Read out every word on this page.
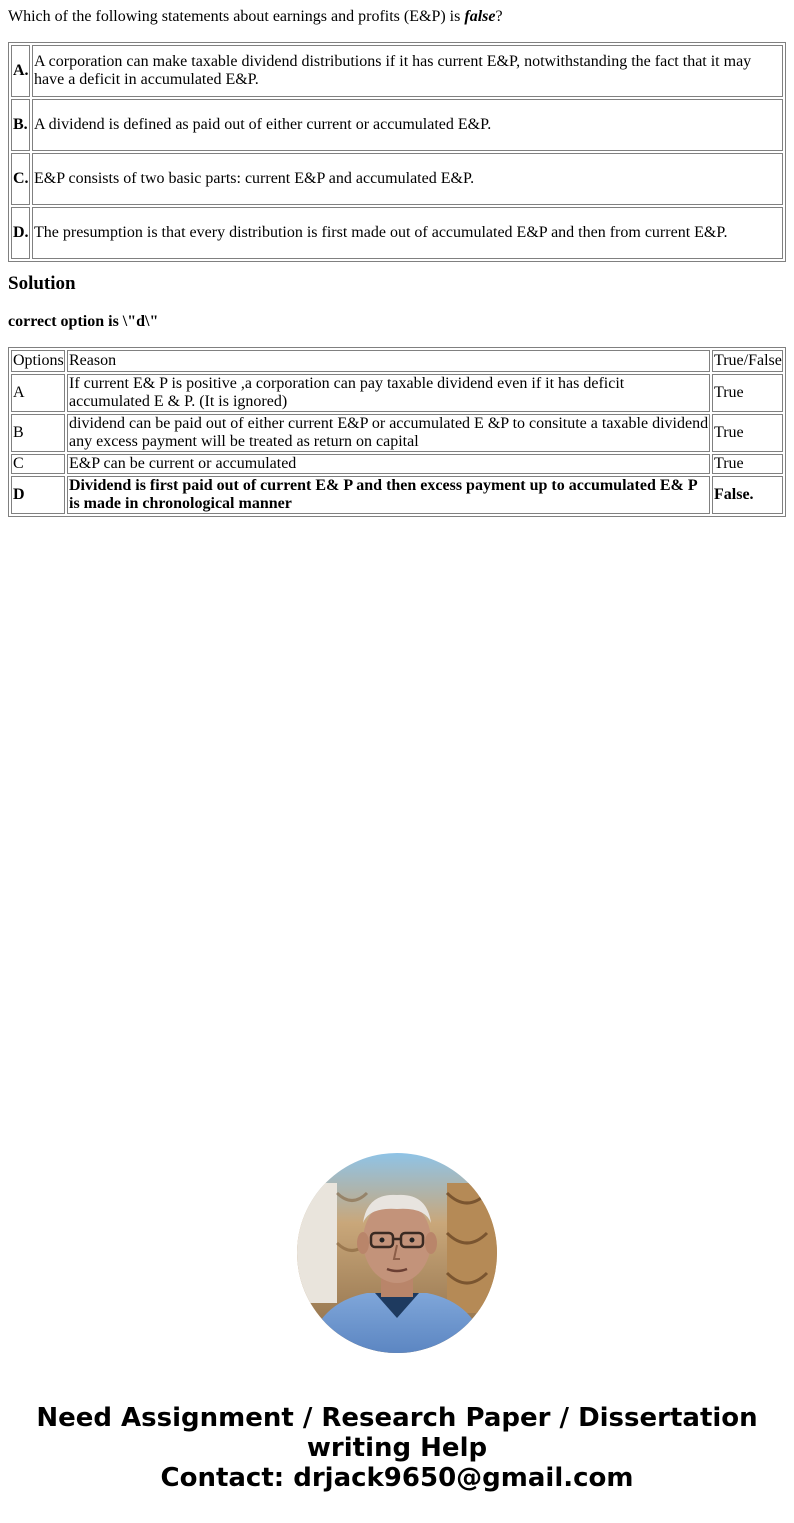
Which of the following statements about earnings and profits (E&P) is false?

A.	A corporation can make taxable dividend distributions if it has current E&P, notwithstanding the fact that it may have a deficit in accumulated E&P.
B.	A dividend is defined as paid out of either current or accumulated E&P.
C.	E&P consists of two basic parts: current E&P and accumulated E&P.
D.	The presumption is that every distribution is first made out of accumulated E&P and then from current E&P.
Solution

correct option is \"d\"

Options	Reason	True/False
A	If current E& P is positive ,a corporation can pay taxable dividend even if it has deficit accumulated E & P. (It is ignored)	True
B	dividend can be paid out of either current E&P or accumulated E &P to consitute a taxable dividend any excess payment will be treated as return on capital	True
C	E&P can be current or accumulated	True
D	Dividend is first paid out of current E& P and then excess payment up to accumulated E& P is made in chronological manner	False.

Need Assignment / Research Paper / Dissertation
writing Help
Contact: drjack9650@gmail.com
